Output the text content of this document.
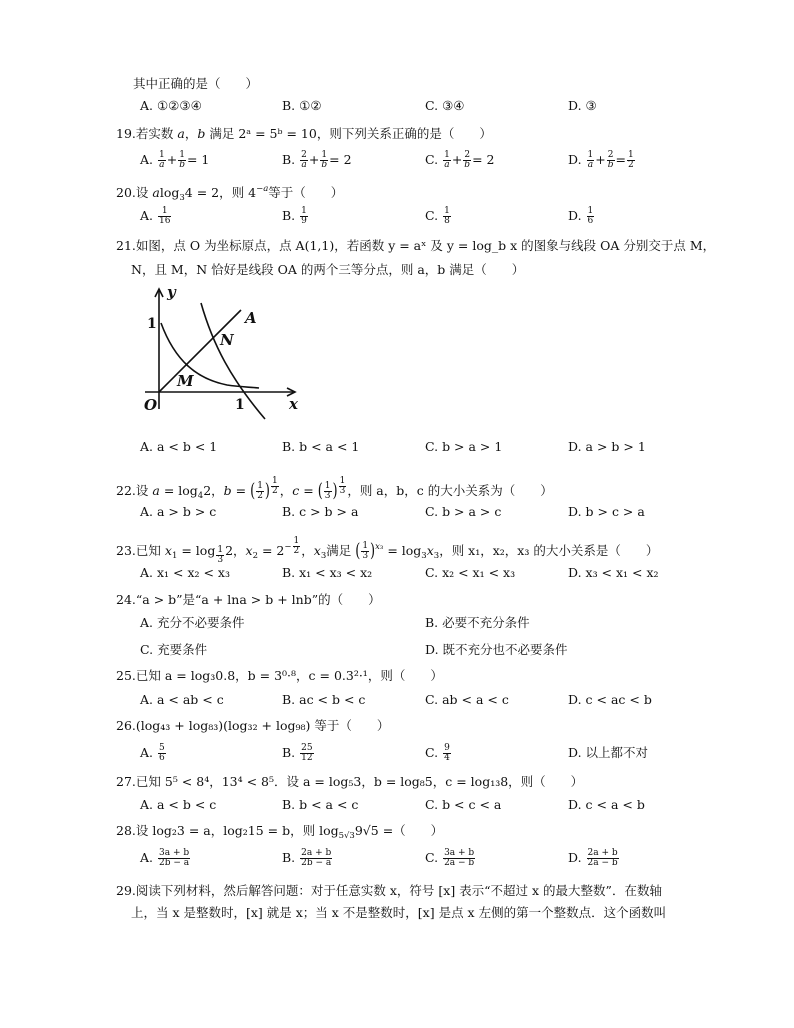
其中正确的是（　　）
A. ①②③④	B. ①②	C. ③④	D. ③
19.若实数 a，b 满足 2ᵃ = 5ᵇ = 10，则下列关系正确的是（　　）
A. $\frac{1}{a} + \frac{1}{b} = 1$	B. $\frac{2}{a} + \frac{1}{b} = 2$	C. $\frac{1}{a} + \frac{2}{b} = 2$	D. $\frac{1}{a} + \frac{2}{b} = \frac{1}{2}$
20.设 alog$_3$4 = 2，则 $4^{-a}$等于（　　）
A. $\frac{1}{16}$	B. $\frac{1}{9}$	C. $\frac{1}{8}$	D. $\frac{1}{6}$
21.如图，点 O 为坐标原点，点 A(1,1)，若函数 y = aˣ 及 y = log_b x 的图象与线段 OA 分别交于点 M，
N，且 M，N 恰好是线段 OA 的两个三等分点，则 a，b 满足（　　）
y
x
O
1
1
A
N
M
A. a < b < 1	B. b < a < 1	C. b > a > 1	D. a > b > 1
22.设 $a = \log_42$，b = ( $\frac{1}{2}$ ) $^{\frac{1}{2}}$ ，c = ( $\frac{1}{3}$ ) $^{\frac{1}{3}}$ ，则 a，b，c 的大小关系为（　　）
A. a > b > c	B. c > b > a	C. b > a > c	D. b > c > a
23.已知 $x_1 = \log _{\frac{1}{3}}$ 2，$x_2 = 2^{- \frac{1}{2}}$ ，$x_3$满足 ( $\frac{1}{3} )^{x_3} = \log_3x_3$，则 x₁，x₂，x₃ 的大小关系是（　　）
A. x₁ < x₂ < x₃	B. x₁ < x₃ < x₂	C. x₂ < x₁ < x₃	D. x₃ < x₁ < x₂
24.“a > b”是“a + lna > b + lnb”的（　　）
A. 充分不必要条件	B. 必要不充分条件
C. 充要条件	D. 既不充分也不必要条件
25.已知 a = log₃0.8，b = 3⁰·⁸，c = 0.3²·¹，则（　　）
A. a < ab < c	B. ac < b < c	C. ab < a < c	D. c < ac < b
26.(log₄₃ + log₈₃)(log₃₂ + log₉₈) 等于（　　）
A. $\frac{5}{6}$	B. $\frac{25}{12}$	C. $\frac{9}{4}$	D. 以上都不对
27.已知 5⁵ < 8⁴，13⁴ < 8⁵．设 a = log₅3，b = log₈5，c = log₁₃8，则（　　）
A. a < b < c	B. b < a < c	C. b < c < a	D. c < a < b
28.设 log₂3 = a，log₂15 = b，则 $\log_{5√3}9√5$ =（　　）
A. $\frac{3a + b}{2b - a}$	B. $\frac{2a + b}{2b - a}$	C. $\frac{3a + b}{2a - b}$	D. $\frac{2a + b}{2a - b}$
29.阅读下列材料，然后解答问题：对于任意实数 x，符号 [x] 表示“不超过 x 的最大整数”．在数轴
上，当 x 是整数时，[x] 就是 x；当 x 不是整数时，[x] 是点 x 左侧的第一个整数点．这个函数叫
